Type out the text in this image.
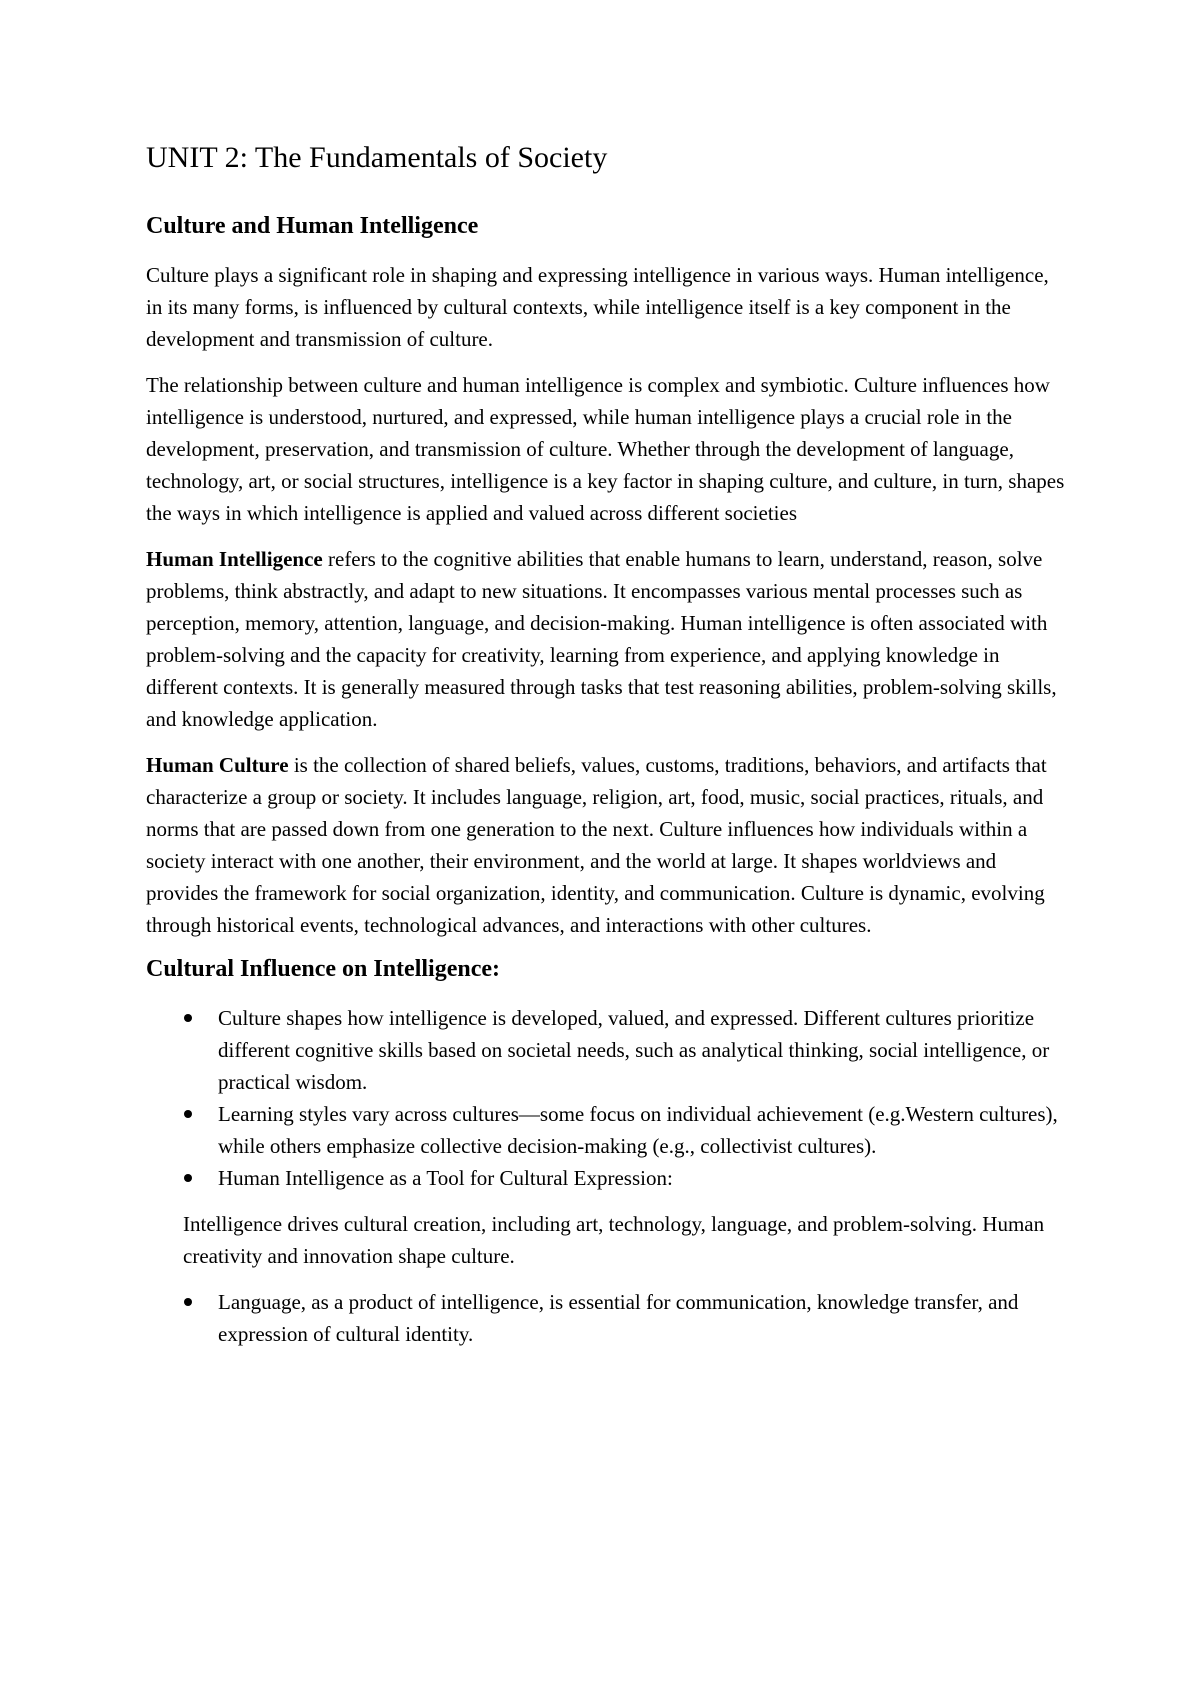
UNIT 2: The Fundamentals of Society
Culture and Human Intelligence

Culture plays a significant role in shaping and expressing intelligence in various ways. Human intelligence, in its many forms, is influenced by cultural contexts, while intelligence itself is a key component in the development and transmission of culture.

The relationship between culture and human intelligence is complex and symbiotic. Culture influences how intelligence is understood, nurtured, and expressed, while human intelligence plays a crucial role in the development, preservation, and transmission of culture. Whether through the development of language, technology, art, or social structures, intelligence is a key factor in shaping culture, and culture, in turn, shapes the ways in which intelligence is applied and valued across different societies

Human Intelligence refers to the cognitive abilities that enable humans to learn, understand, reason, solve problems, think abstractly, and adapt to new situations. It encompasses various mental processes such as perception, memory, attention, language, and decision-making. Human intelligence is often associated with problem-solving and the capacity for creativity, learning from experience, and applying knowledge in different contexts. It is generally measured through tasks that test reasoning abilities, problem-solving skills, and knowledge application.

Human Culture is the collection of shared beliefs, values, customs, traditions, behaviors, and artifacts that characterize a group or society. It includes language, religion, art, food, music, social practices, rituals, and norms that are passed down from one generation to the next. Culture influences how individuals within a society interact with one another, their environment, and the world at large. It shapes worldviews and provides the framework for social organization, identity, and communication. Culture is dynamic, evolving through historical events, technological advances, and interactions with other cultures.

Cultural Influence on Intelligence:
Culture shapes how intelligence is developed, valued, and expressed. Different cultures prioritize different cognitive skills based on societal needs, such as analytical thinking, social intelligence, or practical wisdom.
Learning styles vary across cultures—some focus on individual achievement (e.g.Western cultures), while others emphasize collective decision-making (e.g., collectivist cultures).
Human Intelligence as a Tool for Cultural Expression:

Intelligence drives cultural creation, including art, technology, language, and problem-solving. Human creativity and innovation shape culture.

Language, as a product of intelligence, is essential for communication, knowledge transfer, and expression of cultural identity.
